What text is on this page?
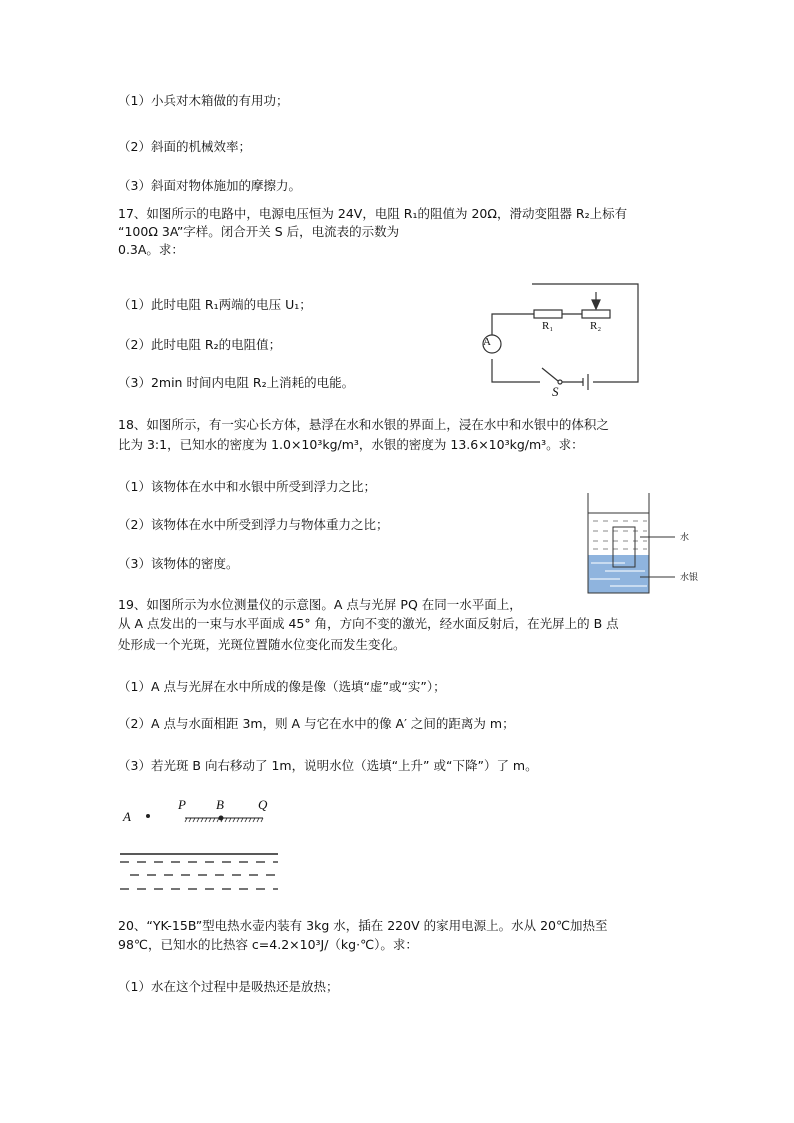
（1）小兵对木箱做的有用功；
（2）斜面的机械效率；
（3）斜面对物体施加的摩擦力。
17、如图所示的电路中，电源电压恒为 24V，电阻 R₁的阻值为 20Ω，滑动变阻器 R₂上标有
“100Ω 3A”字样。闭合开关 S 后，电流表的示数为
0.3A。求：
（1）此时电阻 R₁两端的电压 U₁；
（2）此时电阻 R₂的电阻值；
（3）2min 时间内电阻 R₂上消耗的电能。
A
R₁	R₂
S
18、如图所示，有一实心长方体，悬浮在水和水银的界面上，浸在水中和水银中的体积之
比为 3:1，已知水的密度为 1.0×10³kg/m³，水银的密度为 13.6×10³kg/m³。求：
（1）该物体在水中和水银中所受到浮力之比；
（2）该物体在水中所受到浮力与物体重力之比；
（3）该物体的密度。
水
水银
19、如图所示为水位测量仪的示意图。A 点与光屏 PQ 在同一水平面上，
从 A 点发出的一束与水平面成 45° 角，方向不变的激光，经水面反射后，在光屏上的 B 点
处形成一个光斑，光斑位置随水位变化而发生变化。
（1）A 点与光屏在水中所成的像是像（选填“虚”或“实”）；
（2）A 点与水面相距 3m，则 A 与它在水中的像 A′ 之间的距离为 m；
（3）若光斑 B 向右移动了 1m，说明水位（选填“上升” 或“下降”）了 m。
A
P B	Q
20、“YK-15B”型电热水壶内装有 3kg 水，插在 220V 的家用电源上。水从 20℃加热至
98℃，已知水的比热容 c=4.2×10³J/（kg·℃）。求：
（1）水在这个过程中是吸热还是放热；
